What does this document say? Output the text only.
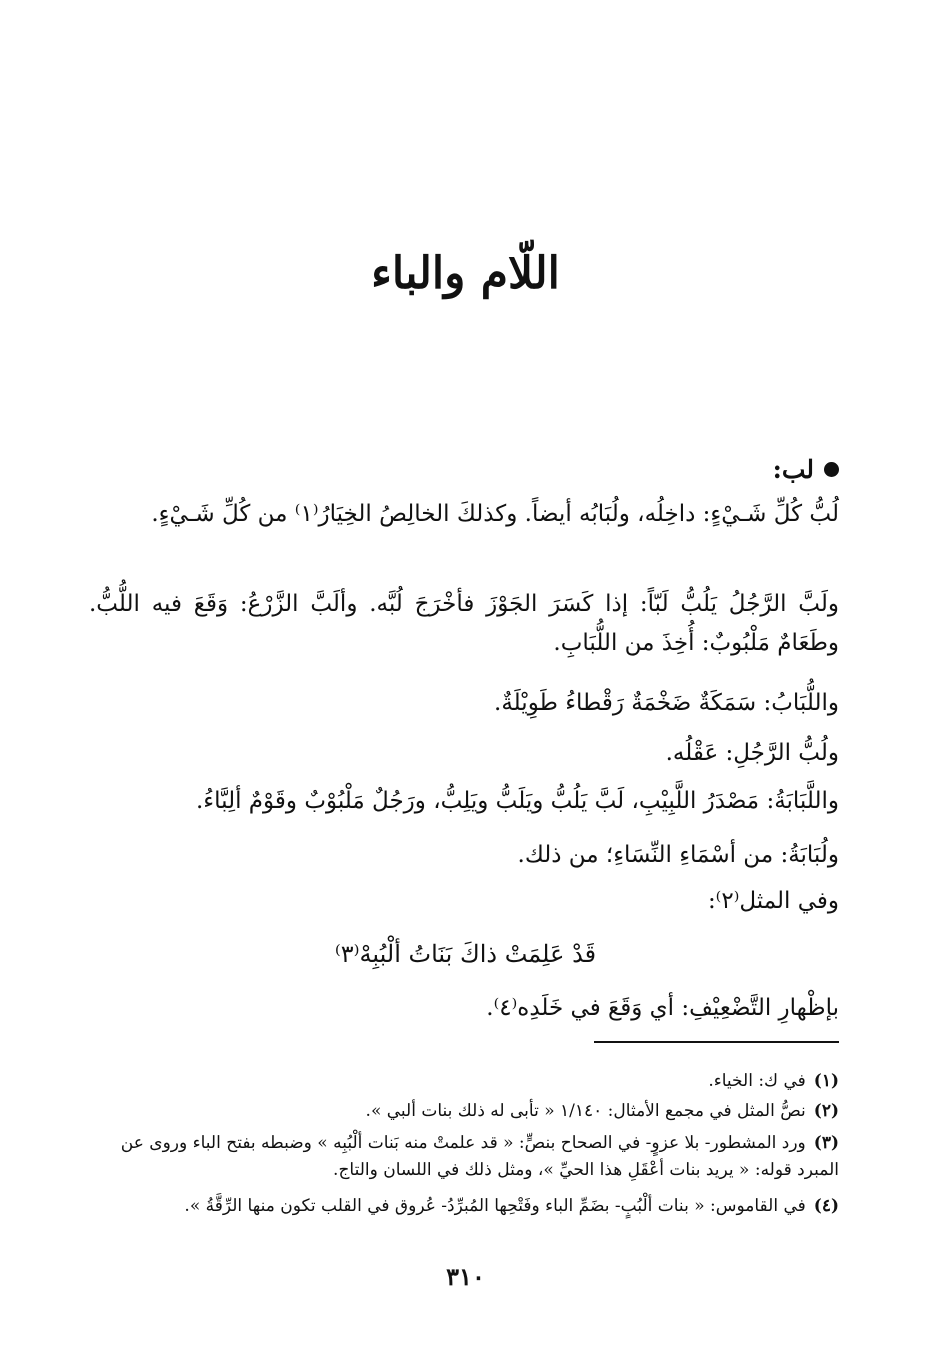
اللّام والباء
لب:
لُبُّ كُلِّ شَـيْءٍ: داخِلُه، ولُبَابُه أيضاً. وكذلكَ الخالِصُ الخِيَارُ⁽١⁾ من كُلِّ شَـيْءٍ.
ولَبَّ الرَّجُلُ يَلُبُّ لَبّاً: إذا كَسَرَ الجَوْزَ فأخْرَجَ لُبَّه. وألَبَّ الزَّرْعُ: وَقَعَ فيه اللُّبُّ. وطَعَامٌ مَلْبُوبٌ: أُخِذَ من اللُّبَابِ.
واللُّبَابُ: سَمَكَةٌ ضَخْمَةٌ رَقْطاءُ طَوِيْلَةٌ.
ولُبُّ الرَّجُلِ: عَقْلُه.
واللَّبَابَةُ: مَصْدَرُ اللَّبِيْبِ، لَبَّ يَلُبُّ ويَلَبُّ ويَلِبُّ، ورَجُلٌ مَلْبُوْبٌ وقَوْمٌ ألِبَّاءُ.
ولُبَابَةُ: من أسْمَاءِ النِّسَاءِ؛ من ذلك.
وفي المثل⁽٢⁾:
قَدْ عَلِمَتْ ذاكَ بَنَاتُ ألْبُبِهْ⁽٣⁾
بإظْهارِ التَّضْعِيْفِ: أي وَقَعَ في خَلَدِه⁽٤⁾.
(١)في ك: الخياء.
(٢)نصُّ المثل في مجمع الأمثال: ١/١٤٠ « تأبى له ذلك بنات ألبي ».
(٣)ورد المشطور- بلا عزوٍ- في الصحاح بنصٍّ: « قد علمتْ منه بَنات ألْبُبِه » وضبطه بفتح الباء وروى عن المبرد قوله: « يريد بنات أعْقَلِ هذا الحيِّ »، ومثل ذلك في اللسان والتاج.
(٤)في القاموس: « بنات ألْبُبٍ- بضَمِّ الباء وفَتْحِها المُبرِّدُ- عُروق في القلب تكون منها الرِّقَّةُ ».
٣١٠
